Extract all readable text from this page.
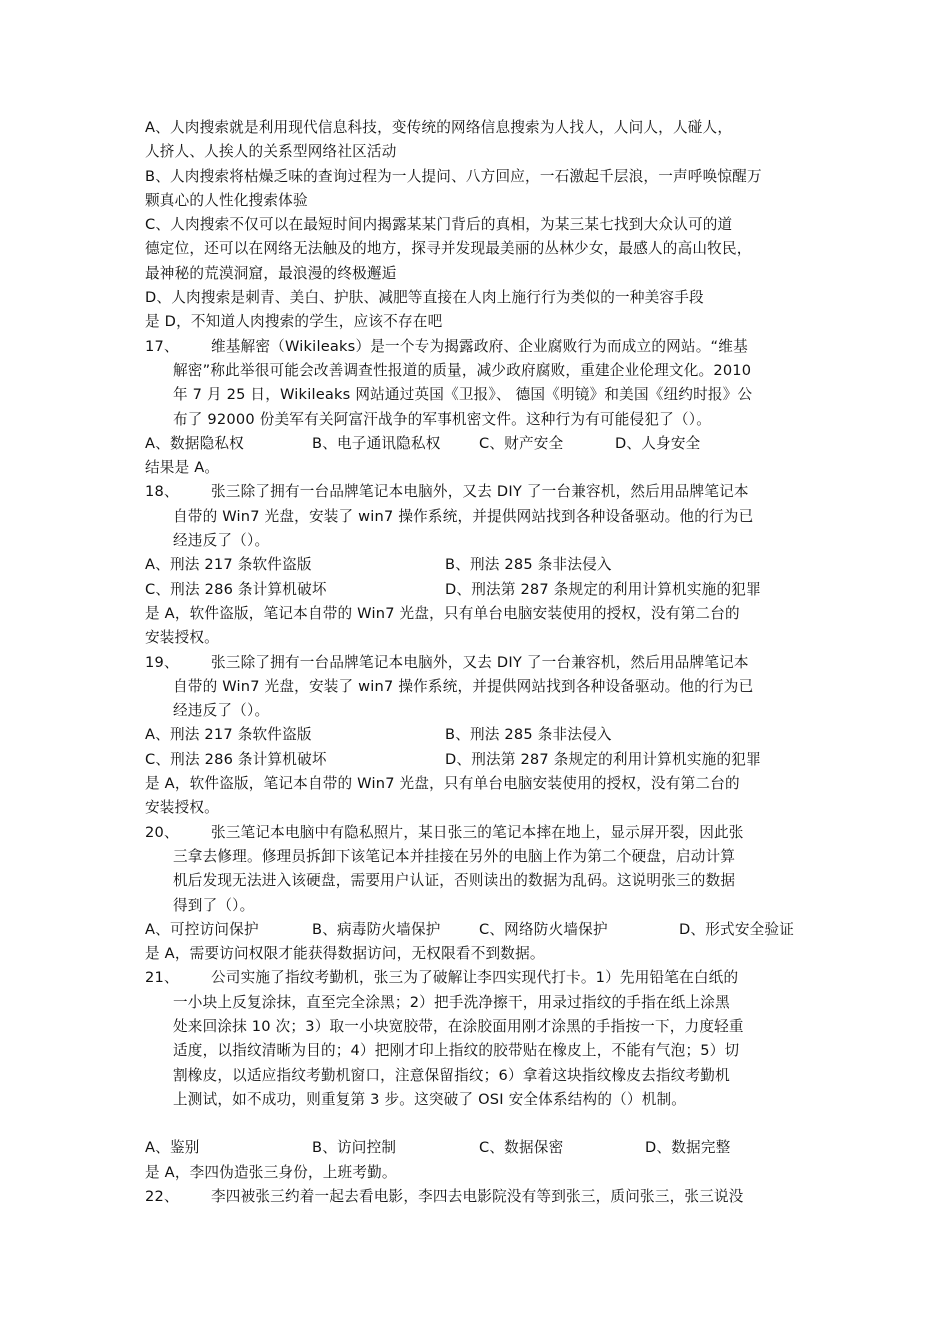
A、人肉搜索就是利用现代信息科技，变传统的网络信息搜索为人找人，人问人，人碰人，
人挤人、人挨人的关系型网络社区活动
B、人肉搜索将枯燥乏味的查询过程为一人提问、八方回应，一石激起千层浪，一声呼唤惊醒万
颗真心的人性化搜索体验
C、人肉搜索不仅可以在最短时间内揭露某某门背后的真相，为某三某七找到大众认可的道
德定位，还可以在网络无法触及的地方，探寻并发现最美丽的丛林少女，最感人的高山牧民，
最神秘的荒漠洞窟，最浪漫的终极邂逅
D、人肉搜索是刺青、美白、护肤、减肥等直接在人肉上施行行为类似的一种美容手段
是 D，不知道人肉搜索的学生，应该不存在吧
17、 维基解密（Wikileaks）是一个专为揭露政府、企业腐败行为而成立的网站。“维基
解密”称此举很可能会改善调查性报道的质量，减少政府腐败，重建企业伦理文化。2010
年 7 月 25 日，Wikileaks 网站通过英国《卫报》、 德国《明镜》和美国《纽约时报》公
布了 92000 份美军有关阿富汗战争的军事机密文件。这种行为有可能侵犯了（）。
A、数据隐私权	B、电子通讯隐私权	C、财产安全	D、人身安全
结果是 A。
18、 张三除了拥有一台品牌笔记本电脑外，又去 DIY 了一台兼容机，然后用品牌笔记本
自带的 Win7 光盘，安装了 win7 操作系统，并提供网站找到各种设备驱动。他的行为已
经违反了（）。
A、刑法 217 条软件盗版	B、刑法 285 条非法侵入
C、刑法 286 条计算机破坏	D、刑法第 287 条规定的利用计算机实施的犯罪
是 A，软件盗版，笔记本自带的 Win7 光盘，只有单台电脑安装使用的授权，没有第二台的
安装授权。
19、 张三除了拥有一台品牌笔记本电脑外，又去 DIY 了一台兼容机，然后用品牌笔记本
自带的 Win7 光盘，安装了 win7 操作系统，并提供网站找到各种设备驱动。他的行为已
经违反了（）。
A、刑法 217 条软件盗版	B、刑法 285 条非法侵入
C、刑法 286 条计算机破坏	D、刑法第 287 条规定的利用计算机实施的犯罪
是 A，软件盗版，笔记本自带的 Win7 光盘，只有单台电脑安装使用的授权，没有第二台的
安装授权。
20、 张三笔记本电脑中有隐私照片，某日张三的笔记本摔在地上，显示屏开裂，因此张
三拿去修理。修理员拆卸下该笔记本并挂接在另外的电脑上作为第二个硬盘，启动计算
机后发现无法进入该硬盘，需要用户认证，否则读出的数据为乱码。这说明张三的数据
得到了（）。
A、可控访问保护	B、病毒防火墙保护	C、网络防火墙保护	D、形式安全验证
是 A，需要访问权限才能获得数据访问，无权限看不到数据。
21、 公司实施了指纹考勤机，张三为了破解让李四实现代打卡。1）先用铅笔在白纸的
一小块上反复涂抹，直至完全涂黑；2）把手洗净擦干，用录过指纹的手指在纸上涂黑
处来回涂抹 10 次；3）取一小块宽胶带，在涂胶面用刚才涂黑的手指按一下，力度轻重
适度，以指纹清晰为目的；4）把刚才印上指纹的胶带贴在橡皮上，不能有气泡；5）切
割橡皮，以适应指纹考勤机窗口，注意保留指纹；6）拿着这块指纹橡皮去指纹考勤机
上测试，如不成功，则重复第 3 步。这突破了 OSI 安全体系结构的（）机制。
A、鉴别	B、访问控制	C、数据保密	D、数据完整
是 A，李四伪造张三身份，上班考勤。
22、 李四被张三约着一起去看电影，李四去电影院没有等到张三，质问张三，张三说没
